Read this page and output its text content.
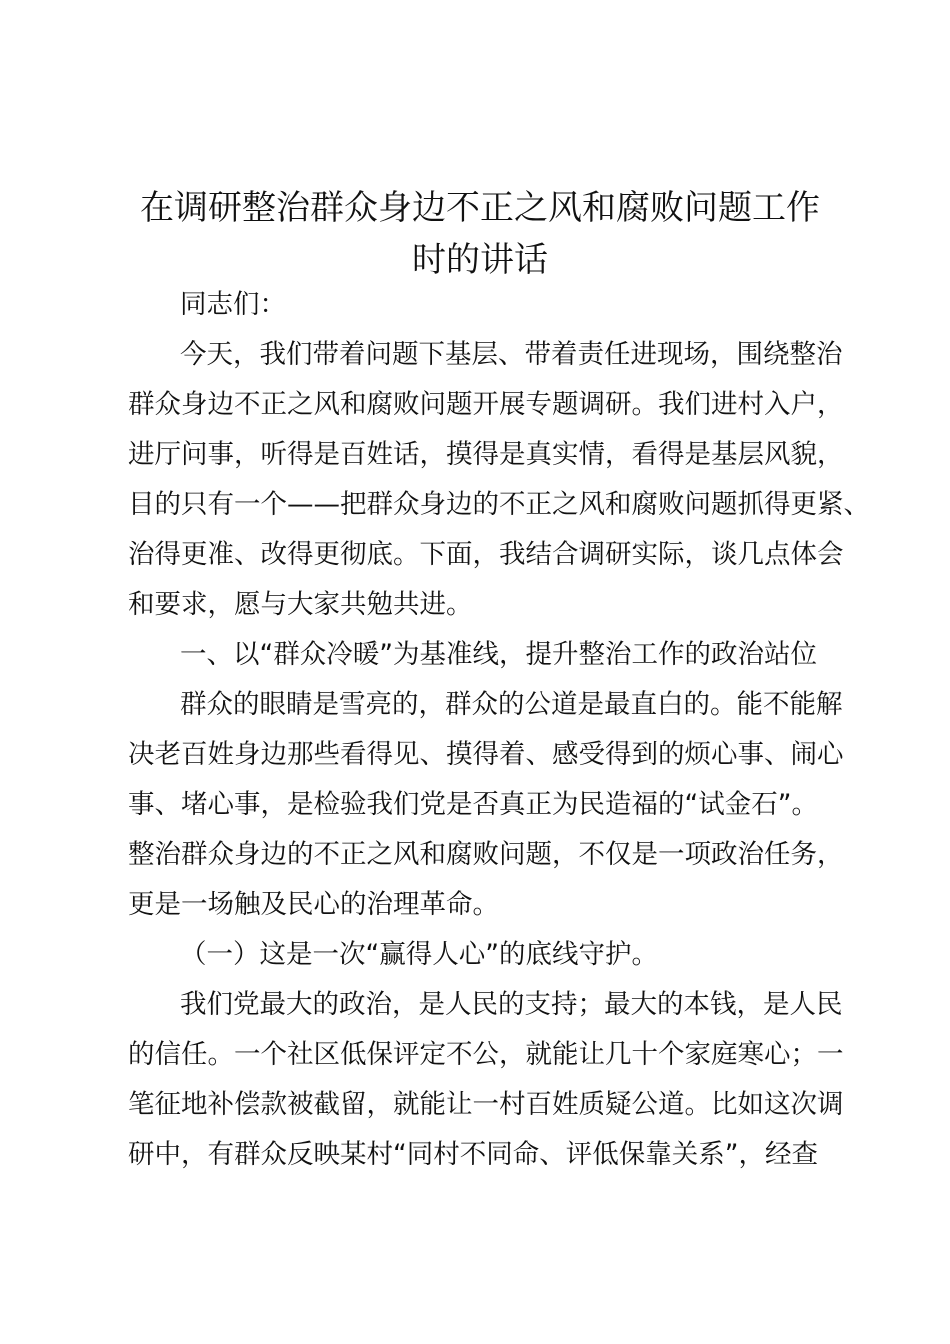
在调研整治群众身边不正之风和腐败问题工作
时的讲话
同志们：
今天，我们带着问题下基层、带着责任进现场，围绕整治
群众身边不正之风和腐败问题开展专题调研。我们进村入户，
进厅问事，听得是百姓话，摸得是真实情，看得是基层风貌，
目的只有一个——把群众身边的不正之风和腐败问题抓得更紧、
治得更准、改得更彻底。下面，我结合调研实际，谈几点体会
和要求，愿与大家共勉共进。
一、以“群众冷暖”为基准线，提升整治工作的政治站位
群众的眼睛是雪亮的，群众的公道是最直白的。能不能解
决老百姓身边那些看得见、摸得着、感受得到的烦心事、闹心
事、堵心事，是检验我们党是否真正为民造福的“试金石”。
整治群众身边的不正之风和腐败问题，不仅是一项政治任务，
更是一场触及民心的治理革命。
（一）这是一次“赢得人心”的底线守护。
我们党最大的政治，是人民的支持；最大的本钱，是人民
的信任。一个社区低保评定不公，就能让几十个家庭寒心；一
笔征地补偿款被截留，就能让一村百姓质疑公道。比如这次调
研中，有群众反映某村“同村不同命、评低保靠关系”，经查
